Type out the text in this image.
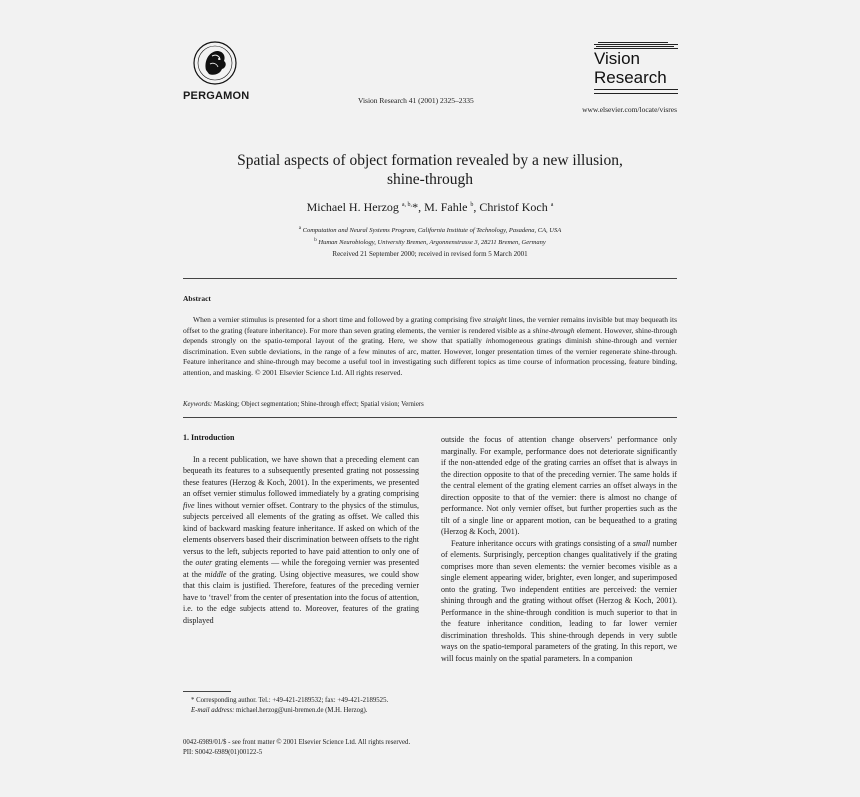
PERGAMON	Vision Research 41 (2001) 2325–2335
Vision
Research
www.elsevier.com/locate/visres
Spatial aspects of object formation revealed by a new illusion,
shine-through
Michael H. Herzog $^{a, b,}$*, M. Fahle $^b$, Christof Koch $^a$
$^a$ Computation and Neural Systems Program, California Institute of Technology, Pasadena, CA, USA
$^b$ Human Neurobiology, University Bremen, Argonnenstrasse 3, 28211 Bremen, Germany
Received 21 September 2000; received in revised form 5 March 2001
Abstract
When a vernier stimulus is presented for a short time and followed by a grating comprising five straight lines, the vernier remains invisible but may bequeath its offset to the grating (feature inheritance). For more than seven grating elements, the vernier is rendered visible as a shine-through element. However, shine-through depends strongly on the spatio-temporal layout of the grating. Here, we show that spatially inhomogeneous gratings diminish shine-through and vernier discrimination. Even subtle deviations, in the range of a few minutes of arc, matter. However, longer presentation times of the vernier regenerate shine-through. Feature inheritance and shine-through may become a useful tool in investigating such different topics as time course of information processing, feature binding, attention, and masking. © 2001 Elsevier Science Ltd. All rights reserved.
Keywords: Masking; Object segmentation; Shine-through effect; Spatial vision; Verniers
1. Introduction

In a recent publication, we have shown that a preceding element can bequeath its features to a subsequently presented grating not possessing these features (Herzog & Koch, 2001). In the experiments, we presented an offset vernier stimulus followed immediately by a grating comprising five lines without vernier offset. Contrary to the physics of the stimulus, subjects perceived all elements of the grating as offset. We called this kind of backward masking feature inheritance. If asked on which of the elements observers based their discrimination between offsets to the right versus to the left, subjects reported to have paid attention to only one of the outer grating elements — while the foregoing vernier was presented at the middle of the grating. Using objective measures, we could show that this claim is justified. Therefore, features of the preceding vernier have to ‘travel’ from the center of presentation into the focus of attention, i.e. to the edge subjects attend to. Moreover, features of the grating displayed

outside the focus of attention change observers’ performance only marginally. For example, performance does not deteriorate significantly if the non-attended edge of the grating carries an offset that is always in the direction opposite to that of the preceding vernier. The same holds if the central element of the grating element carries an offset always in the direction opposite to that of the vernier: there is almost no change of performance. Not only vernier offset, but further properties such as the tilt of a single line or apparent motion, can be bequeathed to a grating (Herzog & Koch, 2001).

Feature inheritance occurs with gratings consisting of a small number of elements. Surprisingly, perception changes qualitatively if the grating comprises more than seven elements: the vernier becomes visible as a single element appearing wider, brighter, even longer, and superimposed onto the grating. Two independent entities are perceived: the vernier shining through and the grating without offset (Herzog & Koch, 2001). Performance in the shine-through condition is much superior to that in the feature inheritance condition, leading to far lower vernier discrimination thresholds. This shine-through depends in very subtle ways on the spatio-temporal parameters of the grating. In this report, we will focus mainly on the spatial parameters. In a companion

* Corresponding author. Tel.: +49-421-2189532; fax: +49-421-2189525.
E-mail address: michael.herzog@uni-bremen.de (M.H. Herzog).
0042-6989/01/$ - see front matter © 2001 Elsevier Science Ltd. All rights reserved.
PII: S0042-6989(01)00122-5
